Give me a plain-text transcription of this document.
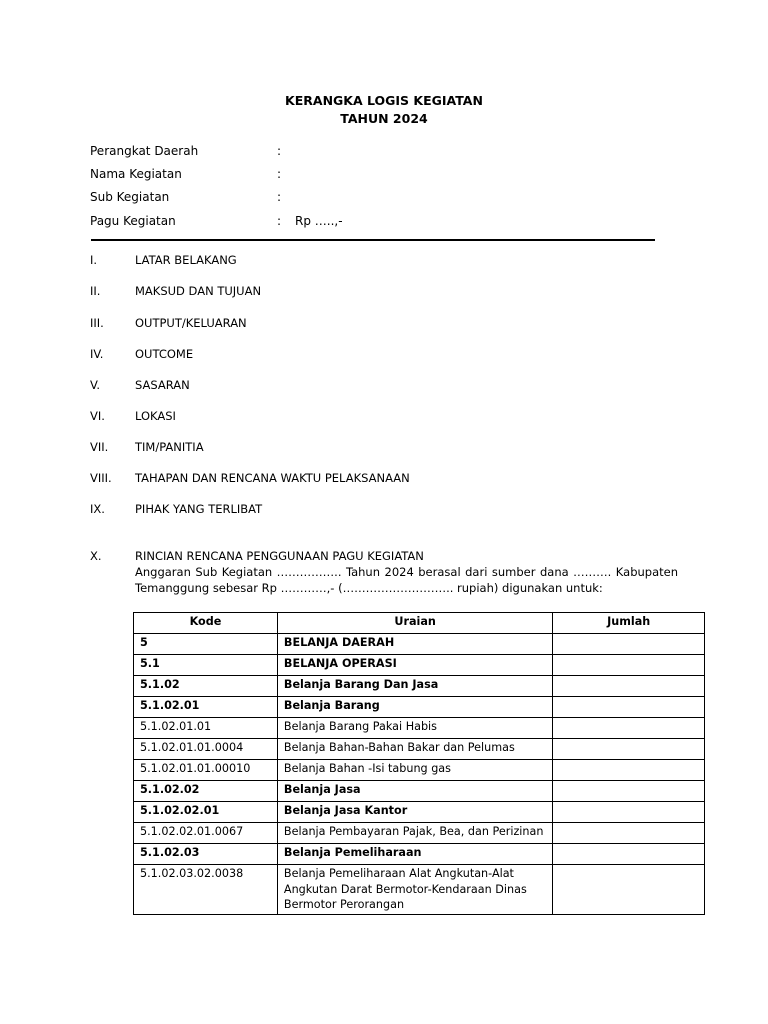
KERANGKA LOGIS KEGIATAN
TAHUN 2024
Perangkat Daerah	:
Nama Kegiatan	:
Sub Kegiatan	:
Pagu Kegiatan	: Rp …..,-
I.	LATAR BELAKANG
II.	MAKSUD DAN TUJUAN
III.	OUTPUT/KELUARAN
IV.	OUTCOME
V.	SASARAN
VI.	LOKASI
VII. TIM/PANITIA
VIII. TAHAPAN DAN RENCANA WAKTU PELAKSANAAN
IX.	PIHAK YANG TERLIBAT
X.	RINCIAN RENCANA PENGGUNAAN PAGU KEGIATAN
Anggaran Sub Kegiatan …………….. Tahun 2024 berasal dari sumber dana ………. Kabupaten Temanggung sebesar Rp …………,- (……………………….. rupiah) digunakan untuk:
Kode	Uraian	Jumlah
5	BELANJA DAERAH	
5.1	BELANJA OPERASI	
5.1.02	Belanja Barang Dan Jasa	
5.1.02.01	Belanja Barang	
5.1.02.01.01	Belanja Barang Pakai Habis	
5.1.02.01.01.0004	Belanja Bahan-Bahan Bakar dan Pelumas	
5.1.02.01.01.00010	Belanja Bahan -Isi tabung gas	
5.1.02.02	Belanja Jasa	
5.1.02.02.01	Belanja Jasa Kantor	
5.1.02.02.01.0067	Belanja Pembayaran Pajak, Bea, dan Perizinan	
5.1.02.03	Belanja Pemeliharaan	
5.1.02.03.02.0038	Belanja Pemeliharaan Alat Angkutan-Alat Angkutan Darat Bermotor-Kendaraan Dinas Bermotor Perorangan	
